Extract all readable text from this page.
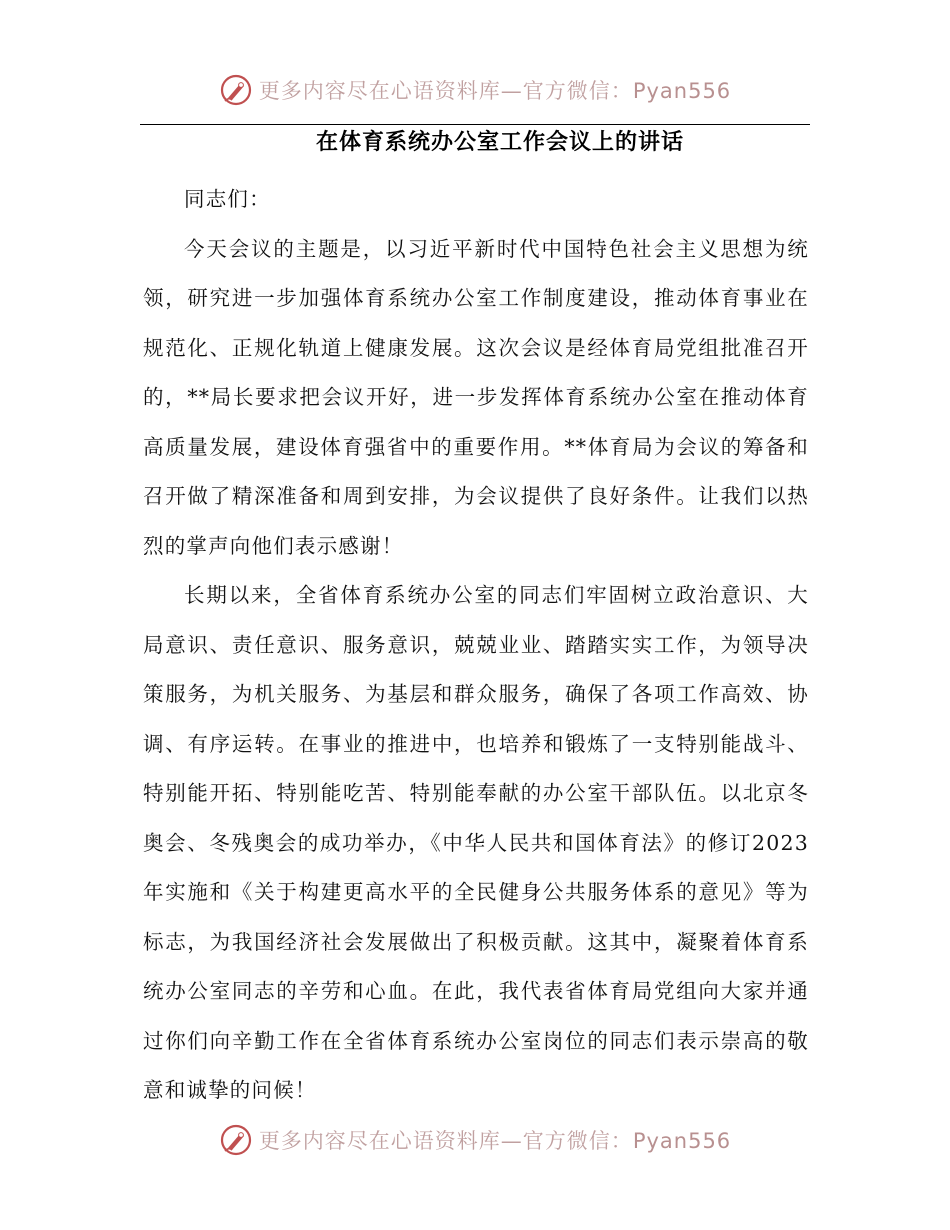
更多内容尽在心语资料库—官方微信：Pyan556
在体育系统办公室工作会议上的讲话

同志们：

今天会议的主题是，以习近平新时代中国特色社会主义思想为统领，研究进一步加强体育系统办公室工作制度建设，推动体育事业在规范化、正规化轨道上健康发展。这次会议是经体育局党组批准召开的，**局长要求把会议开好，进一步发挥体育系统办公室在推动体育高质量发展，建设体育强省中的重要作用。**体育局为会议的筹备和召开做了精深准备和周到安排，为会议提供了良好条件。让我们以热烈的掌声向他们表示感谢！

长期以来，全省体育系统办公室的同志们牢固树立政治意识、大局意识、责任意识、服务意识，兢兢业业、踏踏实实工作，为领导决策服务，为机关服务、为基层和群众服务，确保了各项工作高效、协调、有序运转。在事业的推进中，也培养和锻炼了一支特别能战斗、特别能开拓、特别能吃苦、特别能奉献的办公室干部队伍。以北京冬奥会、冬残奥会的成功举办，《中华人民共和国体育法》的修订2023年实施和《关于构建更高水平的全民健身公共服务体系的意见》等为标志，为我国经济社会发展做出了积极贡献。这其中，凝聚着体育系统办公室同志的辛劳和心血。在此，我代表省体育局党组向大家并通过你们向辛勤工作在全省体育系统办公室岗位的同志们表示崇高的敬意和诚挚的问候！

更多内容尽在心语资料库—官方微信：Pyan556
